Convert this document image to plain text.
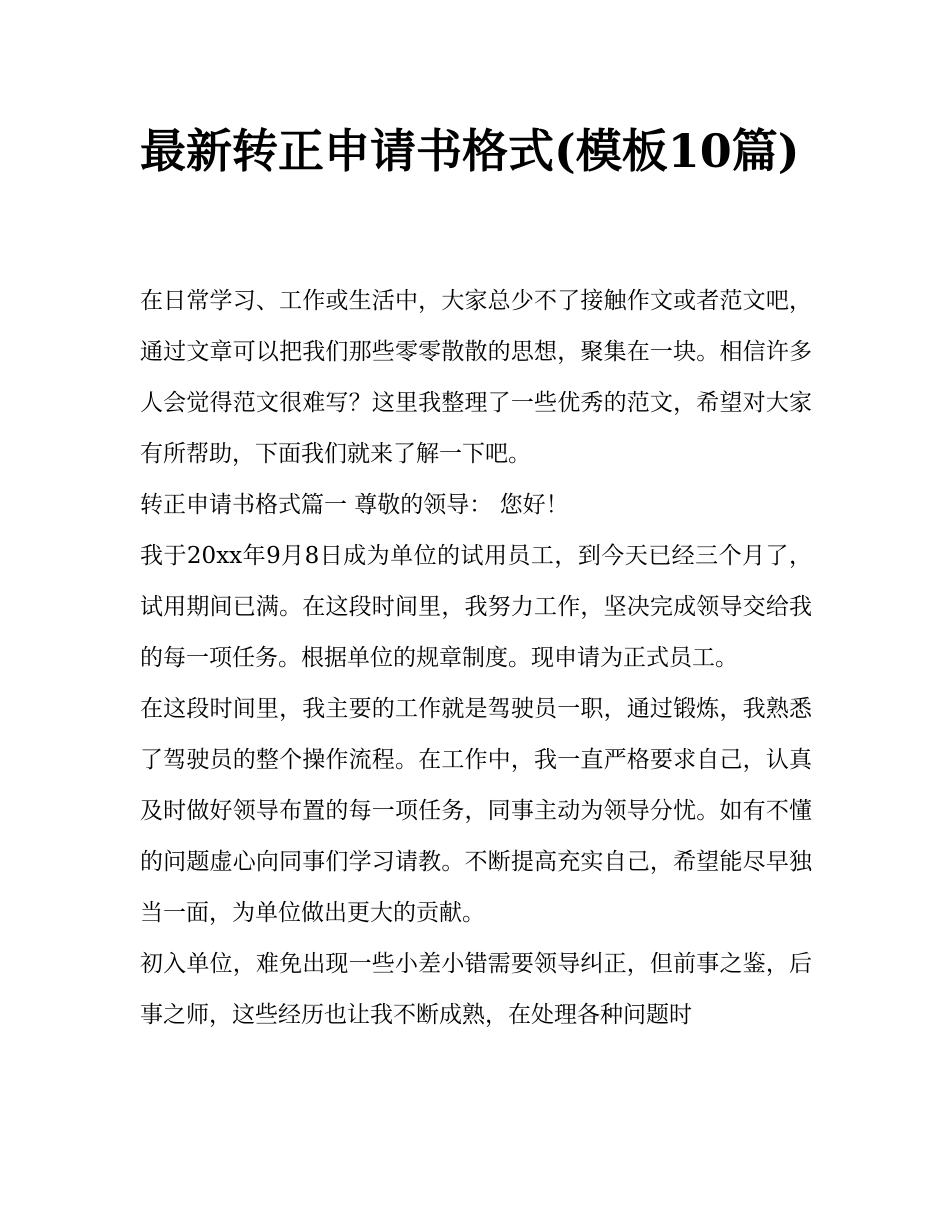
最新转正申请书格式(模板10篇)

在日常学习、工作或生活中，大家总少不了接触作文或者范文吧，通过文章可以把我们那些零零散散的思想，聚集在一块。相信许多人会觉得范文很难写？这里我整理了一些优秀的范文，希望对大家有所帮助，下面我们就来了解一下吧。

转正申请书格式篇一 尊敬的领导： 您好！

我于20xx年9月8日成为单位的试用员工，到今天已经三个月了，试用期间已满。在这段时间里，我努力工作，坚决完成领导交给我的每一项任务。根据单位的规章制度。现申请为正式员工。

在这段时间里，我主要的工作就是驾驶员一职，通过锻炼，我熟悉了驾驶员的整个操作流程。在工作中，我一直严格要求自己，认真及时做好领导布置的每一项任务，同事主动为领导分忧。如有不懂的问题虚心向同事们学习请教。不断提高充实自己，希望能尽早独当一面，为单位做出更大的贡献。

初入单位，难免出现一些小差小错需要领导纠正，但前事之鉴，后事之师，这些经历也让我不断成熟，在处理各种问题时
